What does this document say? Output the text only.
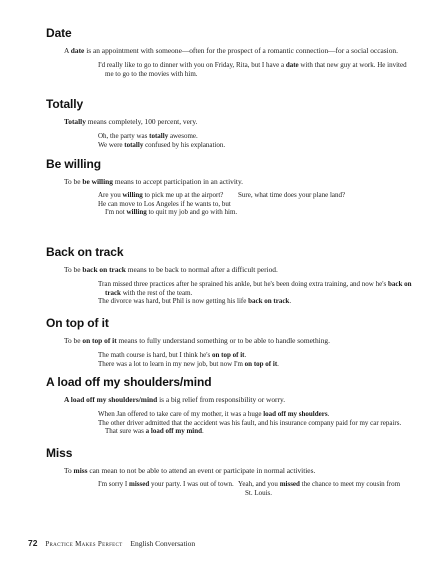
Date

A date is an appointment with someone—often for the prospect of a romantic connection—for a social occasion.

I'd really like to go to dinner with you on Friday, Rita, but I have a date with that new guy at work. He invited me to go to the movies with him.

Totally

Totally means completely, 100 percent, very.

Oh, the party was totally awesome.

We were totally confused by his explanation.

Be willing

To be be willing means to accept participation in an activity.

Are you willing to pick me up at the airport?

He can move to Los Angeles if he wants to, but I'm not willing to quit my job and go with him.

Sure, what time does your plane land?

Back on track

To be back on track means to be back to normal after a difficult period.

Tran missed three practices after he sprained his ankle, but he's been doing extra training, and now he's back on track with the rest of the team.

The divorce was hard, but Phil is now getting his life back on track.

On top of it

To be on top of it means to fully understand something or to be able to handle something.

The math course is hard, but I think he's on top of it.

There was a lot to learn in my new job, but now I'm on top of it.

A load off my shoulders/mind

A load off my shoulders/mind is a big relief from responsibility or worry.

When Jan offered to take care of my mother, it was a huge load off my shoulders.

The other driver admitted that the accident was his fault, and his insurance company paid for my car repairs. That sure was a load off my mind.

Miss

To miss can mean to not be able to attend an event or participate in normal activities.

I'm sorry I missed your party. I was out of town. Yeah, and you missed the chance to meet my cousin from St. Louis.

72 Practice Makes Perfect English Conversation
